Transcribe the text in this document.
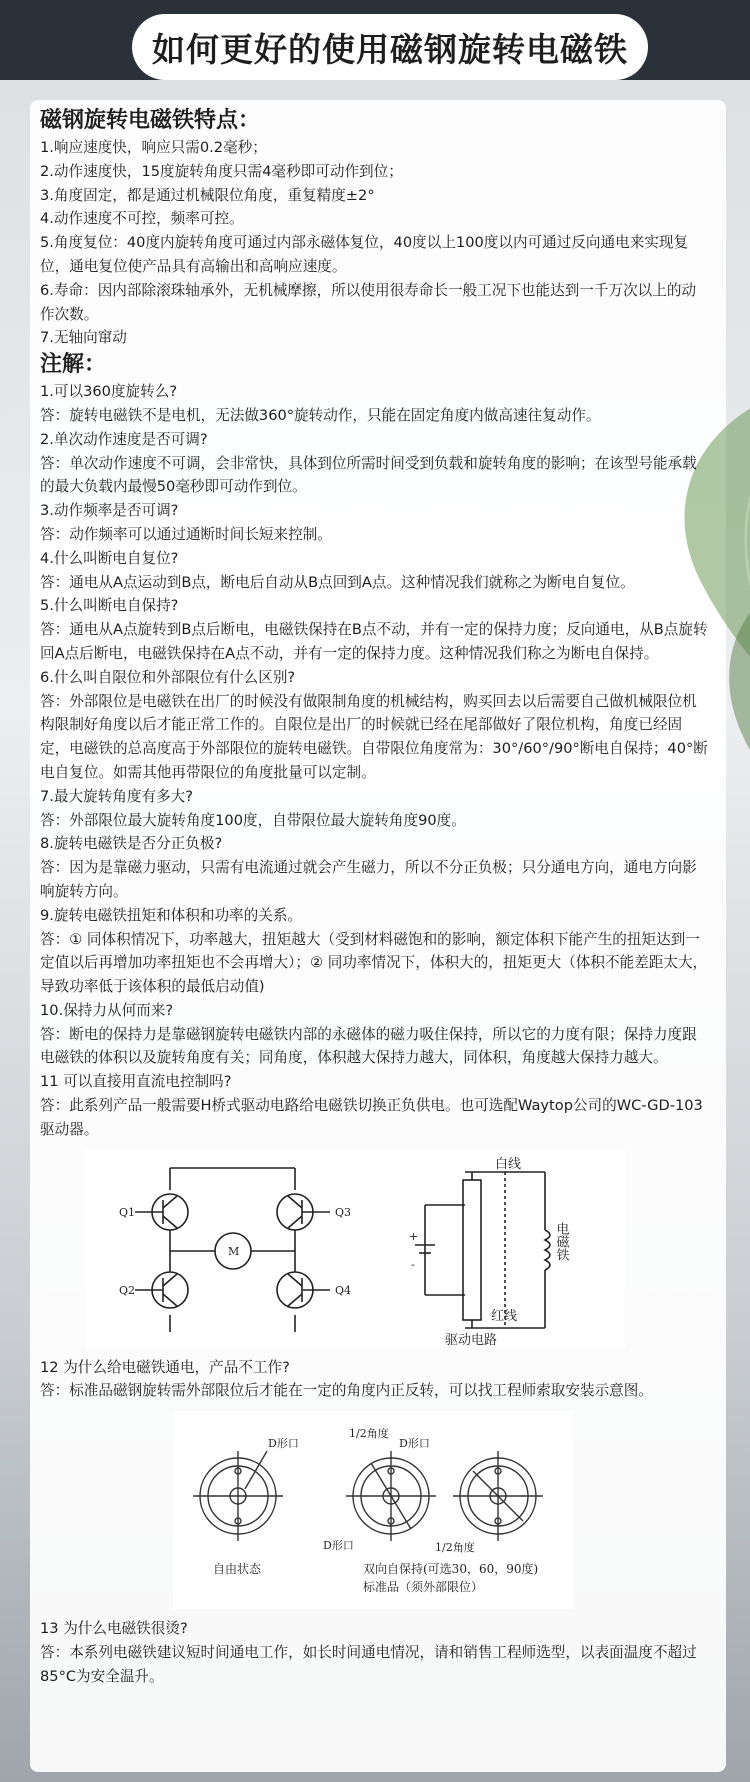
如何更好的使用磁钢旋转电磁铁

磁钢旋转电磁铁特点：

1.响应速度快，响应只需0.2毫秒；

2.动作速度快，15度旋转角度只需4毫秒即可动作到位；

3.角度固定，都是通过机械限位角度，重复精度±2°

4.动作速度不可控，频率可控。

5.角度复位：40度内旋转角度可通过内部永磁体复位，40度以上100度以内可通过反向通电来实现复位，通电复位使产品具有高输出和高响应速度。

6.寿命：因内部除滚珠轴承外，无机械摩擦，所以使用很寿命长一般工况下也能达到一千万次以上的动作次数。

7.无轴向窜动

注解：

1.可以360度旋转么?

答：旋转电磁铁不是电机，无法做360°旋转动作，只能在固定角度内做高速往复动作。

2.单次动作速度是否可调?

答：单次动作速度不可调，会非常快，具体到位所需时间受到负载和旋转角度的影响；在该型号能承载的最大负载内最慢50毫秒即可动作到位。

3.动作频率是否可调?

答：动作频率可以通过通断时间长短来控制。

4.什么叫断电自复位?

答：通电从A点运动到B点，断电后自动从B点回到A点。这种情况我们就称之为断电自复位。

5.什么叫断电自保持?

答：通电从A点旋转到B点后断电，电磁铁保持在B点不动，并有一定的保持力度；反向通电，从B点旋转回A点后断电，电磁铁保持在A点不动，并有一定的保持力度。这种情况我们称之为断电自保持。

6.什么叫自限位和外部限位有什么区别?

答：外部限位是电磁铁在出厂的时候没有做限制角度的机械结构，购买回去以后需要自己做机械限位机构限制好角度以后才能正常工作的。自限位是出厂的时候就已经在尾部做好了限位机构，角度已经固定，电磁铁的总高度高于外部限位的旋转电磁铁。自带限位角度常为：30°/60°/90°断电自保持；40°断电自复位。如需其他再带限位的角度批量可以定制。

7.最大旋转角度有多大?

答：外部限位最大旋转角度100度，自带限位最大旋转角度90度。

8.旋转电磁铁是否分正负极?

答：因为是靠磁力驱动，只需有电流通过就会产生磁力，所以不分正负极；只分通电方向，通电方向影响旋转方向。

9.旋转电磁铁扭矩和体积和功率的关系。

答：① 同体积情况下，功率越大，扭矩越大（受到材料磁饱和的影响，额定体积下能产生的扭矩达到一定值以后再增加功率扭矩也不会再增大）；② 同功率情况下，体积大的，扭矩更大（体积不能差距太大，导致功率低于该体积的最低启动值)

10.保持力从何而来?

答：断电的保持力是靠磁钢旋转电磁铁内部的永磁体的磁力吸住保持，所以它的力度有限；保持力度跟电磁铁的体积以及旋转角度有关；同角度，体积越大保持力越大，同体积，角度越大保持力越大。

11 可以直接用直流电控制吗?

答：此系列产品一般需要H桥式驱动电路给电磁铁切换正负供电。也可选配Waytop公司的WC-GD-103驱动器。

Q1
Q2
Q3
Q4
M
+
-
白线
红线
电磁铁
驱动电路

12 为什么给电磁铁通电，产品不工作?

答：标准品磁钢旋转需外部限位后才能在一定的角度内正反转，可以找工程师索取安装示意图。

D形口
1/2角度
D形口
D形口	1/2角度
自由状态	双向自保持(可选30，60，90度)
标准品（须外部限位）

13 为什么电磁铁很烫?

答：本系列电磁铁建议短时间通电工作，如长时间通电情况，请和销售工程师选型，以表面温度不超过85°C为安全温升。
